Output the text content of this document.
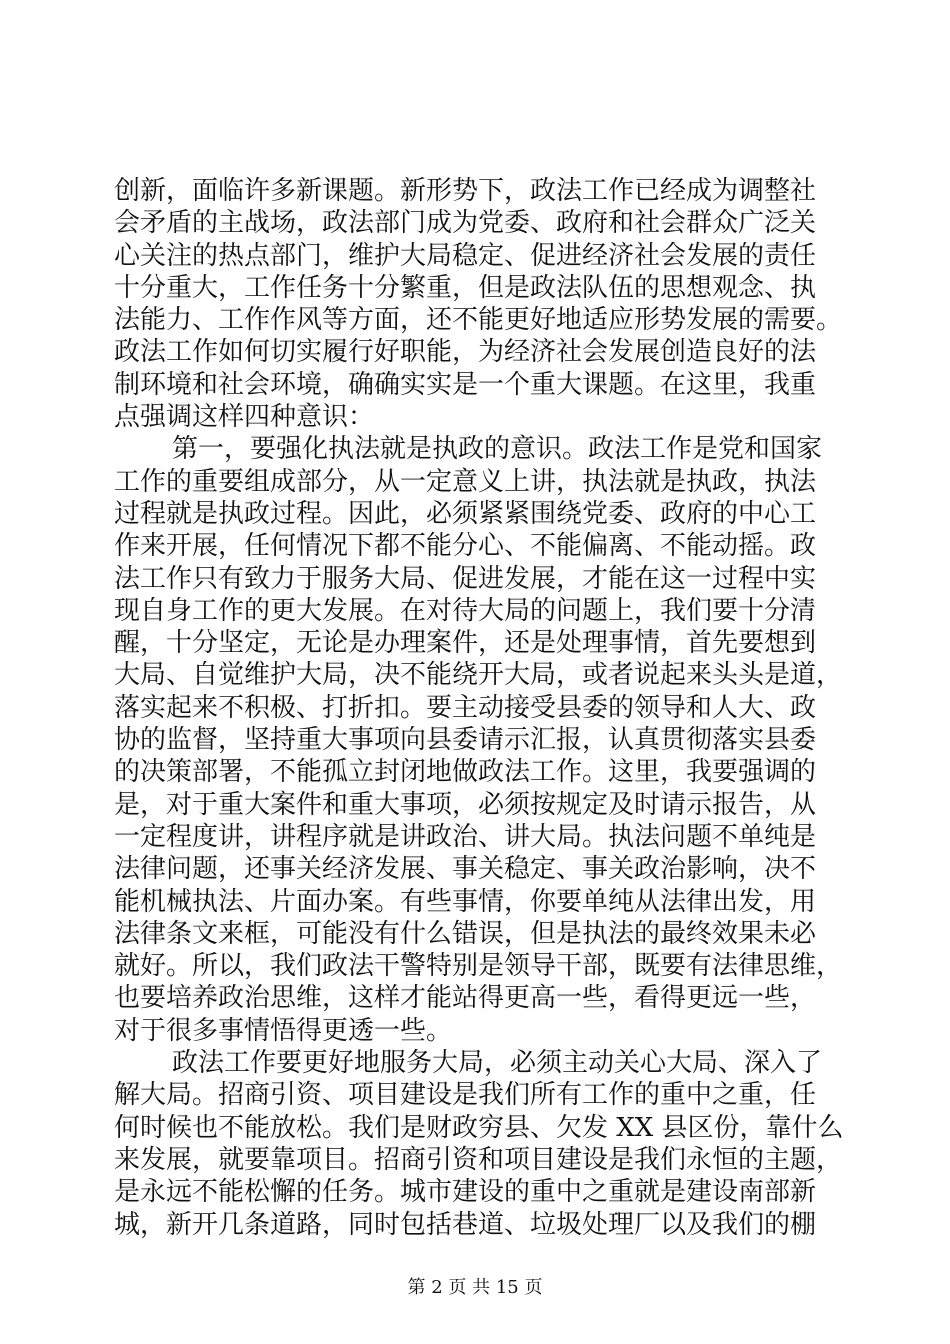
创新，面临许多新课题。新形势下，政法工作已经成为调整社
会矛盾的主战场，政法部门成为党委、政府和社会群众广泛关
心关注的热点部门，维护大局稳定、促进经济社会发展的责任
十分重大，工作任务十分繁重，但是政法队伍的思想观念、执
法能力、工作作风等方面，还不能更好地适应形势发展的需要。
政法工作如何切实履行好职能，为经济社会发展创造良好的法
制环境和社会环境，确确实实是一个重大课题。在这里，我重
点强调这样四种意识：
第一，要强化执法就是执政的意识。政法工作是党和国家
工作的重要组成部分，从一定意义上讲，执法就是执政，执法
过程就是执政过程。因此，必须紧紧围绕党委、政府的中心工
作来开展，任何情况下都不能分心、不能偏离、不能动摇。政
法工作只有致力于服务大局、促进发展，才能在这一过程中实
现自身工作的更大发展。在对待大局的问题上，我们要十分清
醒，十分坚定，无论是办理案件，还是处理事情，首先要想到
大局、自觉维护大局，决不能绕开大局，或者说起来头头是道，
落实起来不积极、打折扣。要主动接受县委的领导和人大、政
协的监督，坚持重大事项向县委请示汇报，认真贯彻落实县委
的决策部署，不能孤立封闭地做政法工作。这里，我要强调的
是，对于重大案件和重大事项，必须按规定及时请示报告，从
一定程度讲，讲程序就是讲政治、讲大局。执法问题不单纯是
法律问题，还事关经济发展、事关稳定、事关政治影响，决不
能机械执法、片面办案。有些事情，你要单纯从法律出发，用
法律条文来框，可能没有什么错误，但是执法的最终效果未必
就好。所以，我们政法干警特别是领导干部，既要有法律思维，
也要培养政治思维，这样才能站得更高一些，看得更远一些，
对于很多事情悟得更透一些。
政法工作要更好地服务大局，必须主动关心大局、深入了
解大局。招商引资、项目建设是我们所有工作的重中之重，任
何时候也不能放松。我们是财政穷县、欠发 XX 县区份，靠什么
来发展，就要靠项目。招商引资和项目建设是我们永恒的主题，
是永远不能松懈的任务。城市建设的重中之重就是建设南部新
城，新开几条道路，同时包括巷道、垃圾处理厂以及我们的棚
第 2 页 共 15 页
